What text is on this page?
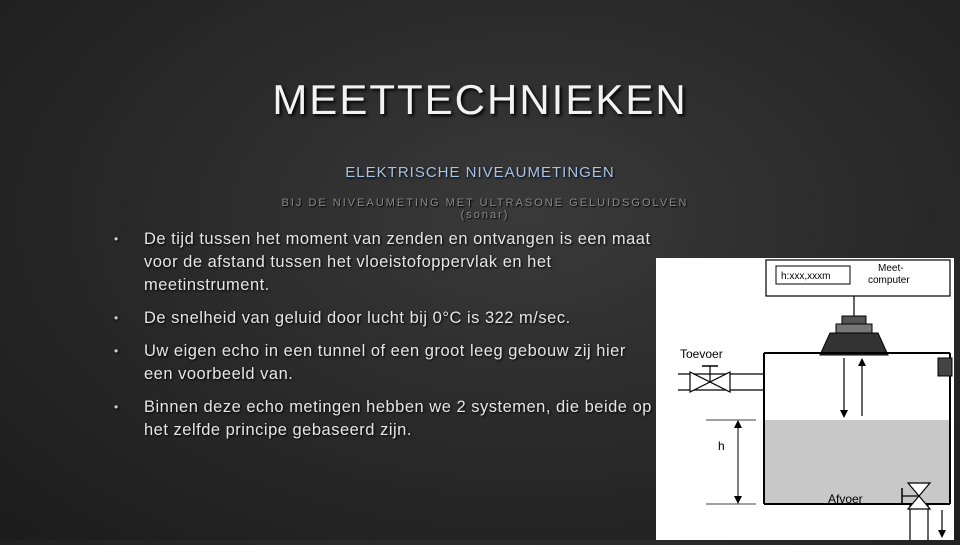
MEETTECHNIEKEN
ELEKTRISCHE NIVEAUMETINGEN
BIJ DE NIVEAUMETING MET ULTRASONE GELUIDSGOLVEN (sonar)
• De tijd tussen het moment van zenden en ontvangen is een maat voor de afstand tussen het vloeistofoppervlak en het meetinstrument.
• De snelheid van geluid door lucht bij 0°C is 322 m/sec.
• Uw eigen echo in een tunnel of een groot leeg gebouw zij hier een voorbeeld van.
• Binnen deze echo metingen hebben we 2 systemen, die beide op het zelfde principe gebaseerd zijn.
h:xxx,xxxm
Meet- computer
Toevoer
h
Afvoer
